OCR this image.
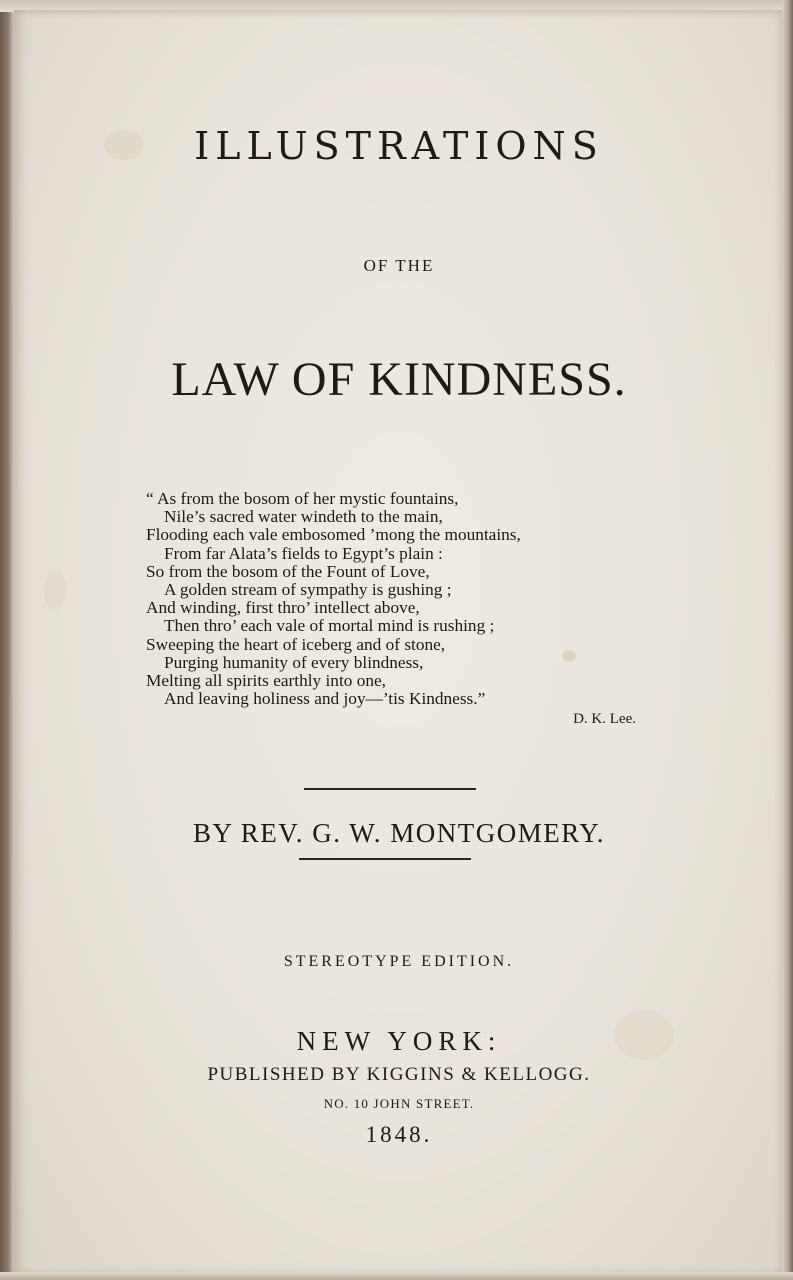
ILLUSTRATIONS
OF THE
LAW OF KINDNESS.
“ As from the bosom of her mystic fountains,
Nile’s sacred water windeth to the main,
Flooding each vale embosomed ’mong the mountains,
From far Alata’s fields to Egypt’s plain :
So from the bosom of the Fount of Love,
A golden stream of sympathy is gushing ;
And winding, first thro’ intellect above,
Then thro’ each vale of mortal mind is rushing ;
Sweeping the heart of iceberg and of stone,
Purging humanity of every blindness,
Melting all spirits earthly into one,
And leaving holiness and joy—’tis Kindness.”
D. K. Lee.
BY REV. G. W. MONTGOMERY.
STEREOTYPE EDITION.
NEW YORK:
PUBLISHED BY KIGGINS & KELLOGG.
NO. 10 JOHN STREET.
1848.
